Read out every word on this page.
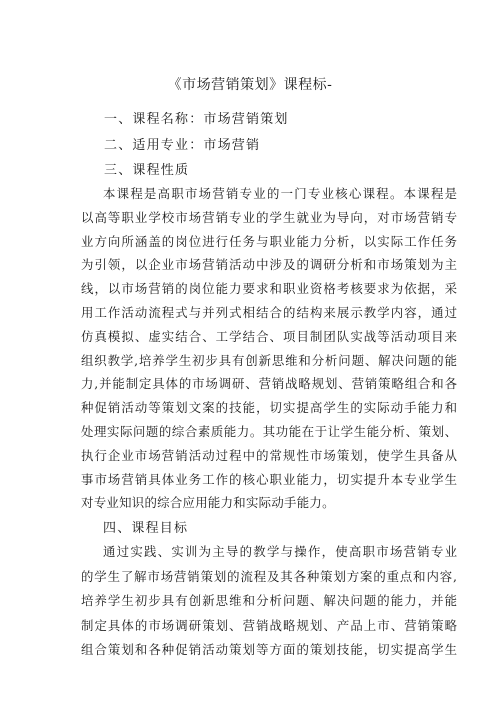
《市场营销策划》课程标-
一、课程名称：市场营销策划
二、适用专业：市场营销
三、课程性质
本课程是高职市场营销专业的一门专业核心课程。本课程是
以高等职业学校市场营销专业的学生就业为导向，对市场营销专
业方向所涵盖的岗位进行任务与职业能力分析，以实际工作任务
为引领，以企业市场营销活动中涉及的调研分析和市场策划为主
线，以市场营销的岗位能力要求和职业资格考核要求为依据，采
用工作活动流程式与并列式相结合的结构来展示教学内容，通过
仿真模拟、虚实结合、工学结合、项目制团队实战等活动项目来
组织教学,培养学生初步具有创新思维和分析问题、解决问题的能
力,并能制定具体的市场调研、营销战略规划、营销策略组合和各
种促销活动等策划文案的技能，切实提高学生的实际动手能力和
处理实际问题的综合素质能力。其功能在于让学生能分析、策划、
执行企业市场营销活动过程中的常规性市场策划，使学生具备从
事市场营销具体业务工作的核心职业能力，切实提升本专业学生
对专业知识的综合应用能力和实际动手能力。
四、课程目标
通过实践、实训为主导的教学与操作，使高职市场营销专业
的学生了解市场营销策划的流程及其各种策划方案的重点和内容,
培养学生初步具有创新思维和分析问题、解决问题的能力，并能
制定具体的市场调研策划、营销战略规划、产品上市、营销策略
组合策划和各种促销活动策划等方面的策划技能，切实提高学生
